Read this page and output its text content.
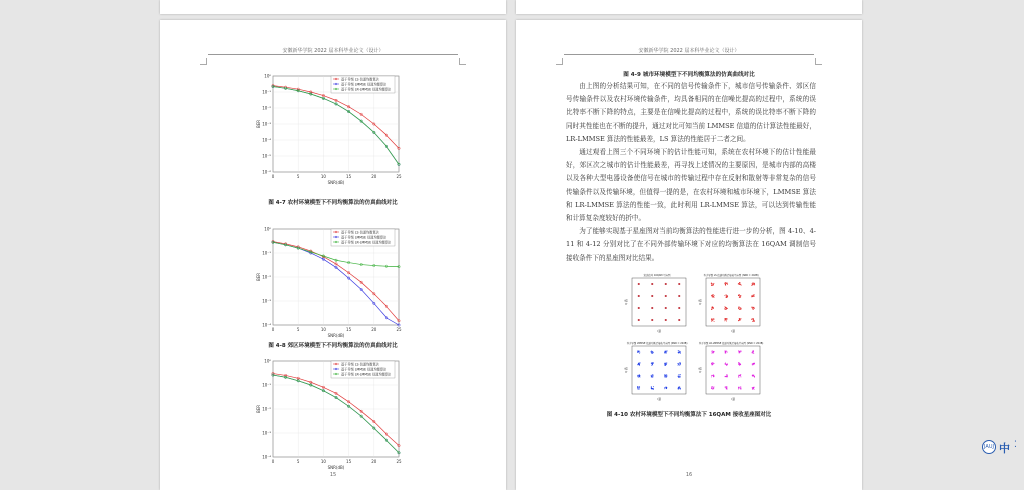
安徽新华学院 2022 届本科毕业论文（设计）
10⁻⁶
10⁻⁵
10⁻⁴
10⁻³
10⁻²
10⁻¹
10⁰
0	5	10	15	20	25
SNR(dB)
BER
基于导频 LS 信道均衡算法
基于导频 LMMSE 信道均衡算法
基于导频 LR-LMMSE 信道均衡算法
图 4-7 农村环境模型下不同均衡算法的仿真曲线对比
10⁻⁴
10⁻³
10⁻²
10⁻¹
10⁰
0	5	10	15	20	25
SNR(dB)
BER
基于导频 LS 信道均衡算法
基于导频 LMMSE 信道均衡算法
基于导频 LR-LMMSE 信道均衡算法
图 4-8 郊区环境模型下不同均衡算法的仿真曲线对比
10⁻⁴
10⁻³
10⁻²
10⁻¹
10⁰
0	5	10	15	20	25
SNR(dB)
BER
基于导频 LS 信道均衡算法
基于导频 LMMSE 信道均衡算法
基于导频 LR-LMMSE 信道均衡算法
15
安徽新华学院 2022 届本科毕业论文（设计）
图 4-9 城市环境模型下不同均衡算法的仿真曲线对比

由上图的分析结果可知，在不同的信号传输条件下，城市信号传输条件、郊区信号传输条件以及农村环境传输条件，均具备相同的在信噪比提高的过程中，系统的误比特率不断下降的特点，主要是在信噪比提高的过程中，系统的误比特率不断下降的同时其性能也在不断的提升，通过对比可知当前 LMMSE 信道的估计算法性能最好，LR-LMMSE 算法的性能最差，LS 算法的性能居于二者之间。

通过观看上图三个不同环境下的估计性能可知，系统在农村环境下的估计性能最好，郊区次之城市的估计性能最差，再寻找上述情况的主要原因，是城市内部的高楼以及各种大型电器设备使信号在城市的传输过程中存在反射和散射等非常复杂的信号传输条件以及传输环境，但值得一提的是，在农村环境和城市环境下，LMMSE 算法和 LR-LMMSE 算法的性能一致，此时利用 LR-LMMSE 算法，可以达到传输性能和计算复杂度较好的折中。

为了能够实现基于星座图对当前均衡算法的性能进行进一步的分析，图 4-10、4-11 和 4-12 分别对比了在不同外部传输环境下对应的均衡算法在 16QAM 调制信号接收条件下的星座图对比结果。

发送信号 16QAM 星座图
I 路
Q 路
基于导频 LS 信道均衡后接收星座图 (SNR = 20dB)
I 路
Q 路
基于导频 LMMSE 信道均衡后接收星座图 (SNR = 20dB)
I 路
Q 路
基于导频 LR-LMMSE 信道均衡后接收星座图 (SNR = 20dB)
I 路
Q 路
图 4-10 农村环境模型下不同均衡算法下 16QAM 接收星座图对比
16
JAUJ 中 ⁚
